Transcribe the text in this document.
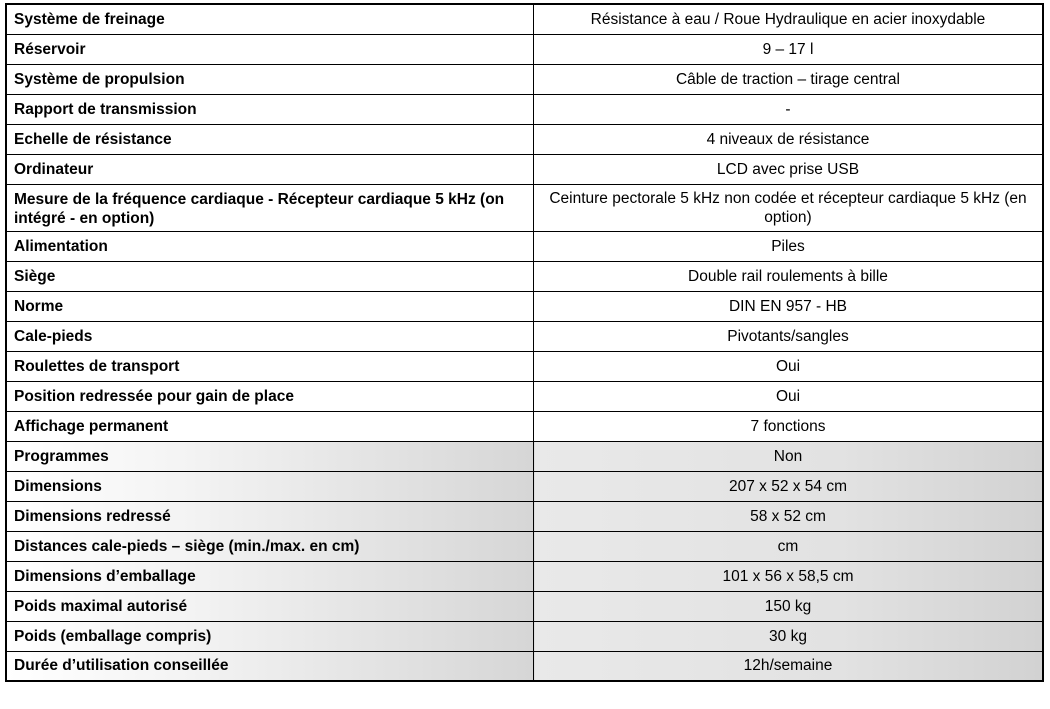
Système de freinage	Résistance à eau / Roue Hydraulique en acier inoxydable
Réservoir	9 – 17 l
Système de propulsion	Câble de traction – tirage central
Rapport de transmission	-
Echelle de résistance	4 niveaux de résistance
Ordinateur	LCD avec prise USB
Mesure de la fréquence cardiaque - Récepteur cardiaque 5 kHz (on intégré - en option)	Ceinture pectorale 5 kHz non codée et récepteur cardiaque 5 kHz (en option)
Alimentation	Piles
Siège	Double rail roulements à bille
Norme	DIN EN 957 - HB
Cale-pieds	Pivotants/sangles
Roulettes de transport	Oui
Position redressée pour gain de place	Oui
Affichage permanent	7 fonctions
Programmes	Non
Dimensions	207 x 52 x 54 cm
Dimensions redressé	58 x 52 cm
Distances cale-pieds – siège (min./max. en cm)	cm
Dimensions d’emballage	101 x 56 x 58,5 cm
Poids maximal autorisé	150 kg
Poids (emballage compris)	30 kg
Durée d’utilisation conseillée	12h/semaine
